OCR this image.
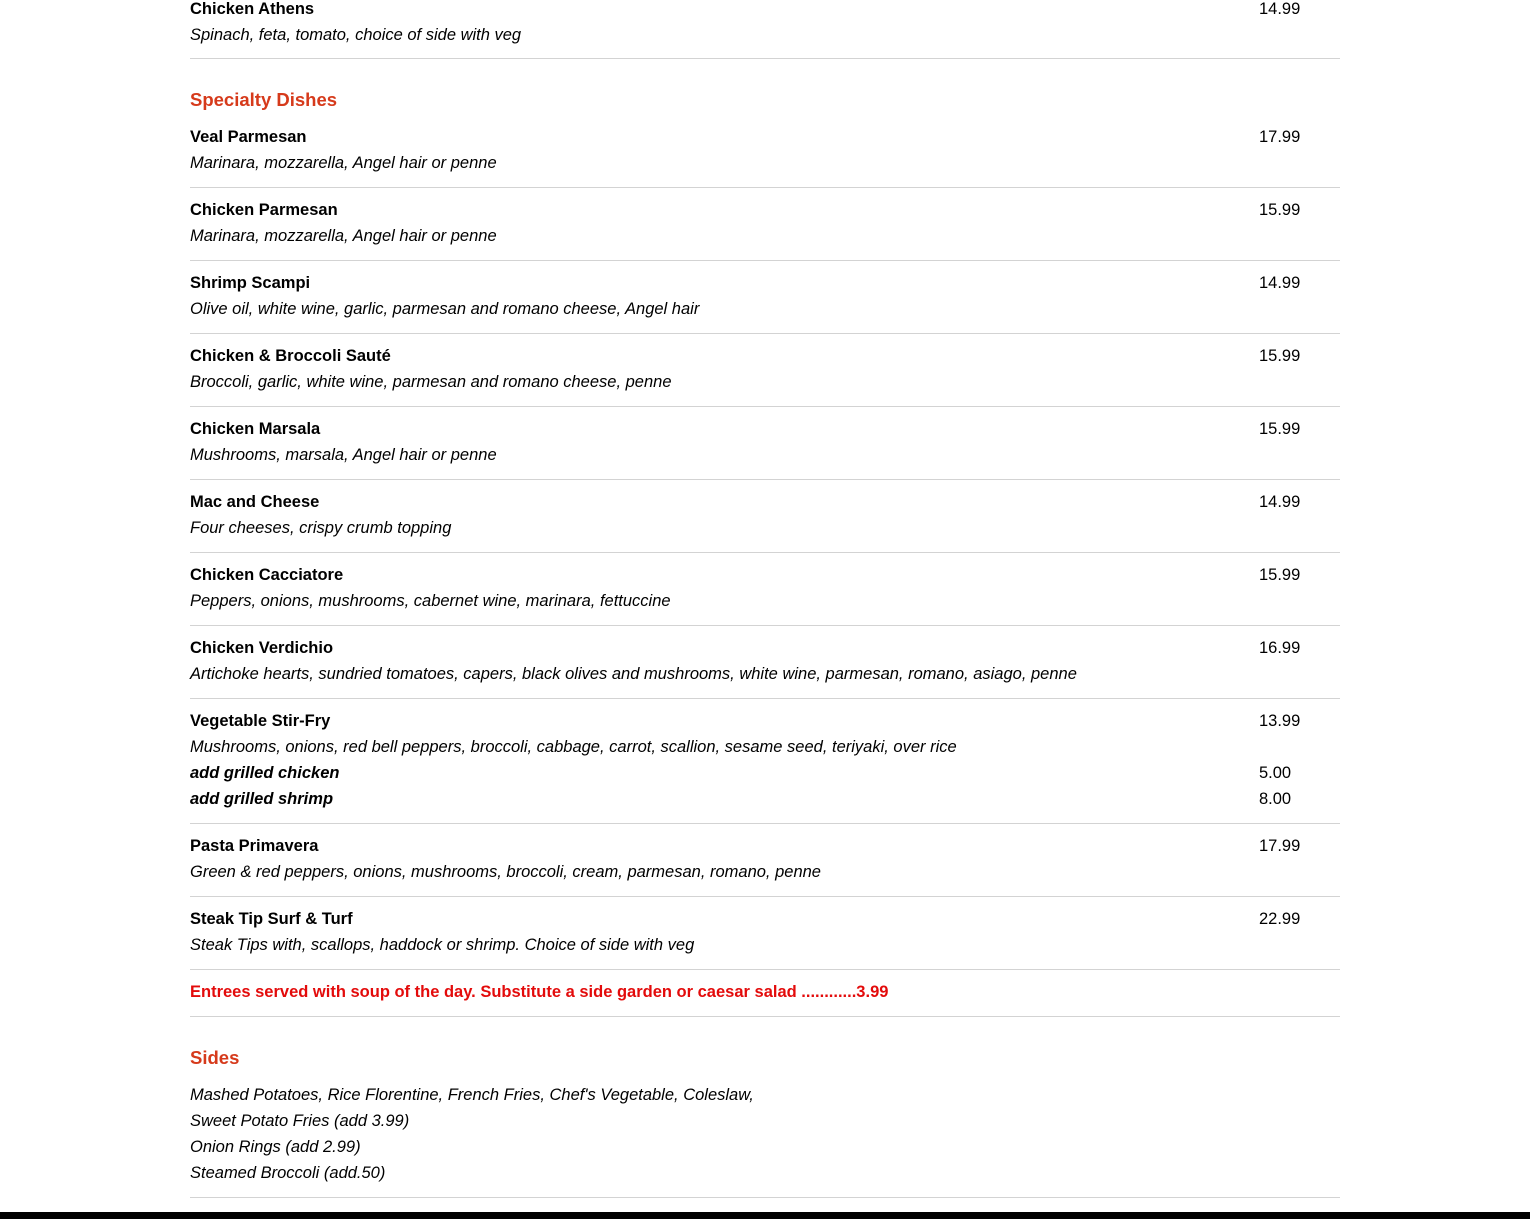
Chicken Athens	14.99
Spinach, feta, tomato, choice of side with veg
Specialty Dishes
Veal Parmesan	17.99
Marinara, mozzarella, Angel hair or penne
Chicken Parmesan	15.99
Marinara, mozzarella, Angel hair or penne
Shrimp Scampi	14.99
Olive oil, white wine, garlic, parmesan and romano cheese, Angel hair
Chicken & Broccoli Sauté	15.99
Broccoli, garlic, white wine, parmesan and romano cheese, penne
Chicken Marsala	15.99
Mushrooms, marsala, Angel hair or penne
Mac and Cheese	14.99
Four cheeses, crispy crumb topping
Chicken Cacciatore	15.99
Peppers, onions, mushrooms, cabernet wine, marinara, fettuccine
Chicken Verdichio	16.99
Artichoke hearts, sundried tomatoes, capers, black olives and mushrooms, white wine, parmesan, romano, asiago, penne
Vegetable Stir-Fry	13.99
Mushrooms, onions, red bell peppers, broccoli, cabbage, carrot, scallion, sesame seed, teriyaki, over rice
add grilled chicken	5.00
add grilled shrimp	8.00
Pasta Primavera	17.99
Green & red peppers, onions, mushrooms, broccoli, cream, parmesan, romano, penne
Steak Tip Surf & Turf	22.99
Steak Tips with, scallops, haddock or shrimp. Choice of side with veg
Entrees served with soup of the day. Substitute a side garden or caesar salad ............3.99
Sides
Mashed Potatoes, Rice Florentine, French Fries, Chef's Vegetable, Coleslaw,
Sweet Potato Fries (add 3.99)
Onion Rings (add 2.99)
Steamed Broccoli (add.50)
